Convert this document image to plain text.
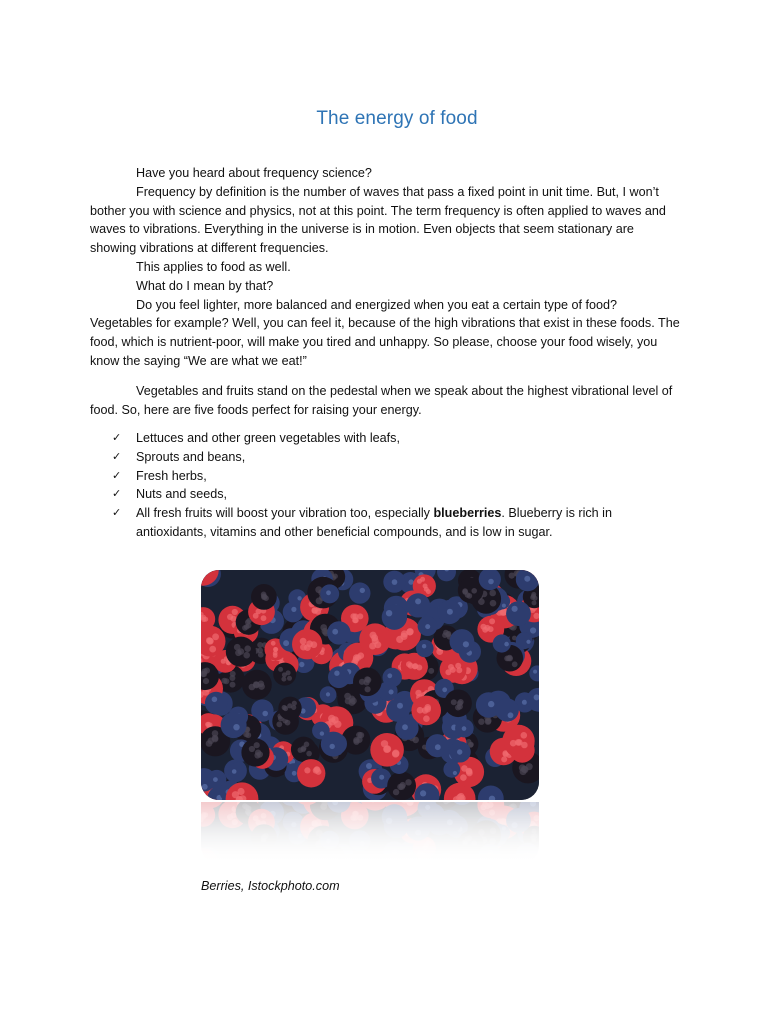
The energy of food

Have you heard about frequency science?

Frequency by definition is the number of waves that pass a fixed point in unit time. But, I won’t bother you with science and physics, not at this point. The term frequency is often applied to waves and waves to vibrations. Everything in the universe is in motion. Even objects that seem stationary are showing vibrations at different frequencies.

This applies to food as well.

What do I mean by that?

Do you feel lighter, more balanced and energized when you eat a certain type of food? Vegetables for example? Well, you can feel it, because of the high vibrations that exist in these foods. The food, which is nutrient-poor, will make you tired and unhappy. So please, choose your food wisely, you know the saying “We are what we eat!”

Vegetables and fruits stand on the pedestal when we speak about the highest vibrational level of food. So, here are five foods perfect for raising your energy.

✓ Lettuces and other green vegetables with leafs,
✓ Sprouts and beans,
✓ Fresh herbs,
✓ Nuts and seeds,
✓ All fresh fruits will boost your vibration too, especially blueberries. Blueberry is rich in antioxidants, vitamins and other beneficial compounds, and is low in sugar.

Berries, Istockphoto.com
